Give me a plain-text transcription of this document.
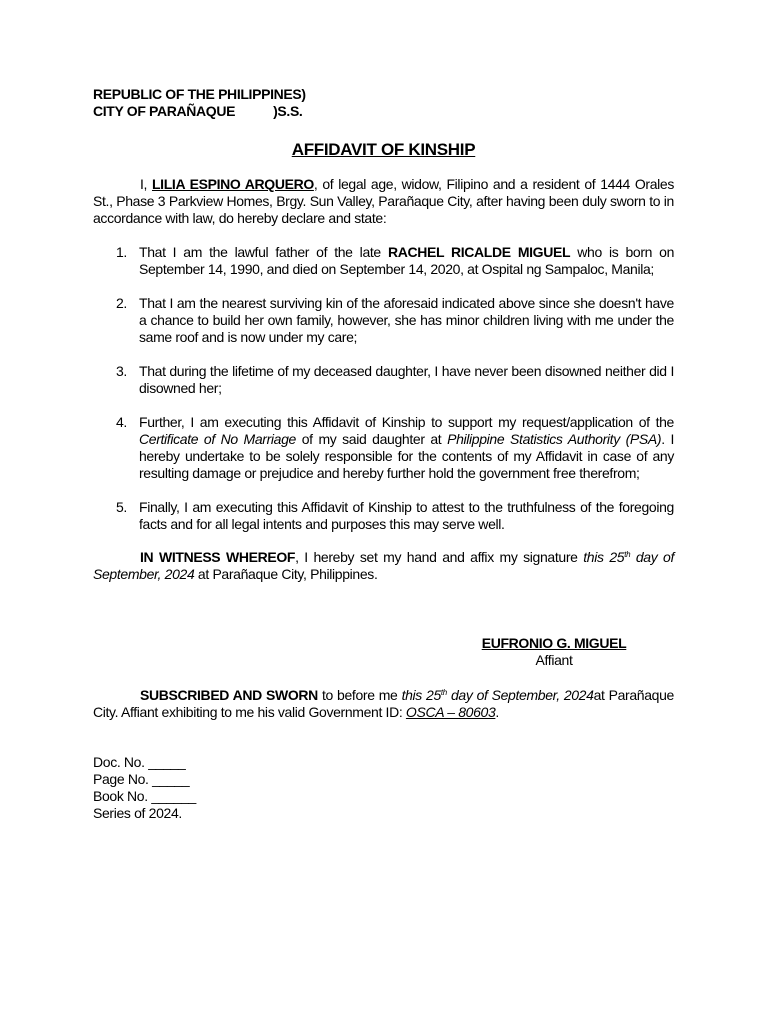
REPUBLIC OF THE PHILIPPINES)
CITY OF PARAÑAQUE	)S.S.
AFFIDAVIT OF KINSHIP

I, LILIA ESPINO ARQUERO, of legal age, widow, Filipino and a resident of 1444 Orales St., Phase 3 Parkview Homes, Brgy. Sun Valley, Parañaque City, after having been duly sworn to in accordance with law, do hereby declare and state:

1. That I am the lawful father of the late RACHEL RICALDE MIGUEL who is born on September 14, 1990, and died on September 14, 2020, at Ospital ng Sampaloc, Manila;
2. That I am the nearest surviving kin of the aforesaid indicated above since she doesn't have a chance to build her own family, however, she has minor children living with me under the same roof and is now under my care;
3. That during the lifetime of my deceased daughter, I have never been disowned neither did I disowned her;
4. Further, I am executing this Affidavit of Kinship to support my request/application of the Certificate of No Marriage of my said daughter at Philippine Statistics Authority (PSA). I hereby undertake to be solely responsible for the contents of my Affidavit in case of any resulting damage or prejudice and hereby further hold the government free therefrom;
5. Finally, I am executing this Affidavit of Kinship to attest to the truthfulness of the foregoing facts and for all legal intents and purposes this may serve well.

IN WITNESS WHEREOF, I hereby set my hand and affix my signature this 25th day of September, 2024 at Parañaque City, Philippines.

EUFRONIO G. MIGUEL
Affiant

SUBSCRIBED AND SWORN to before me this 25th day of September, 2024at Parañaque City. Affiant exhibiting to me his valid Government ID: OSCA – 80603.

Doc. No. _____
Page No. _____
Book No. ______
Series of 2024.
